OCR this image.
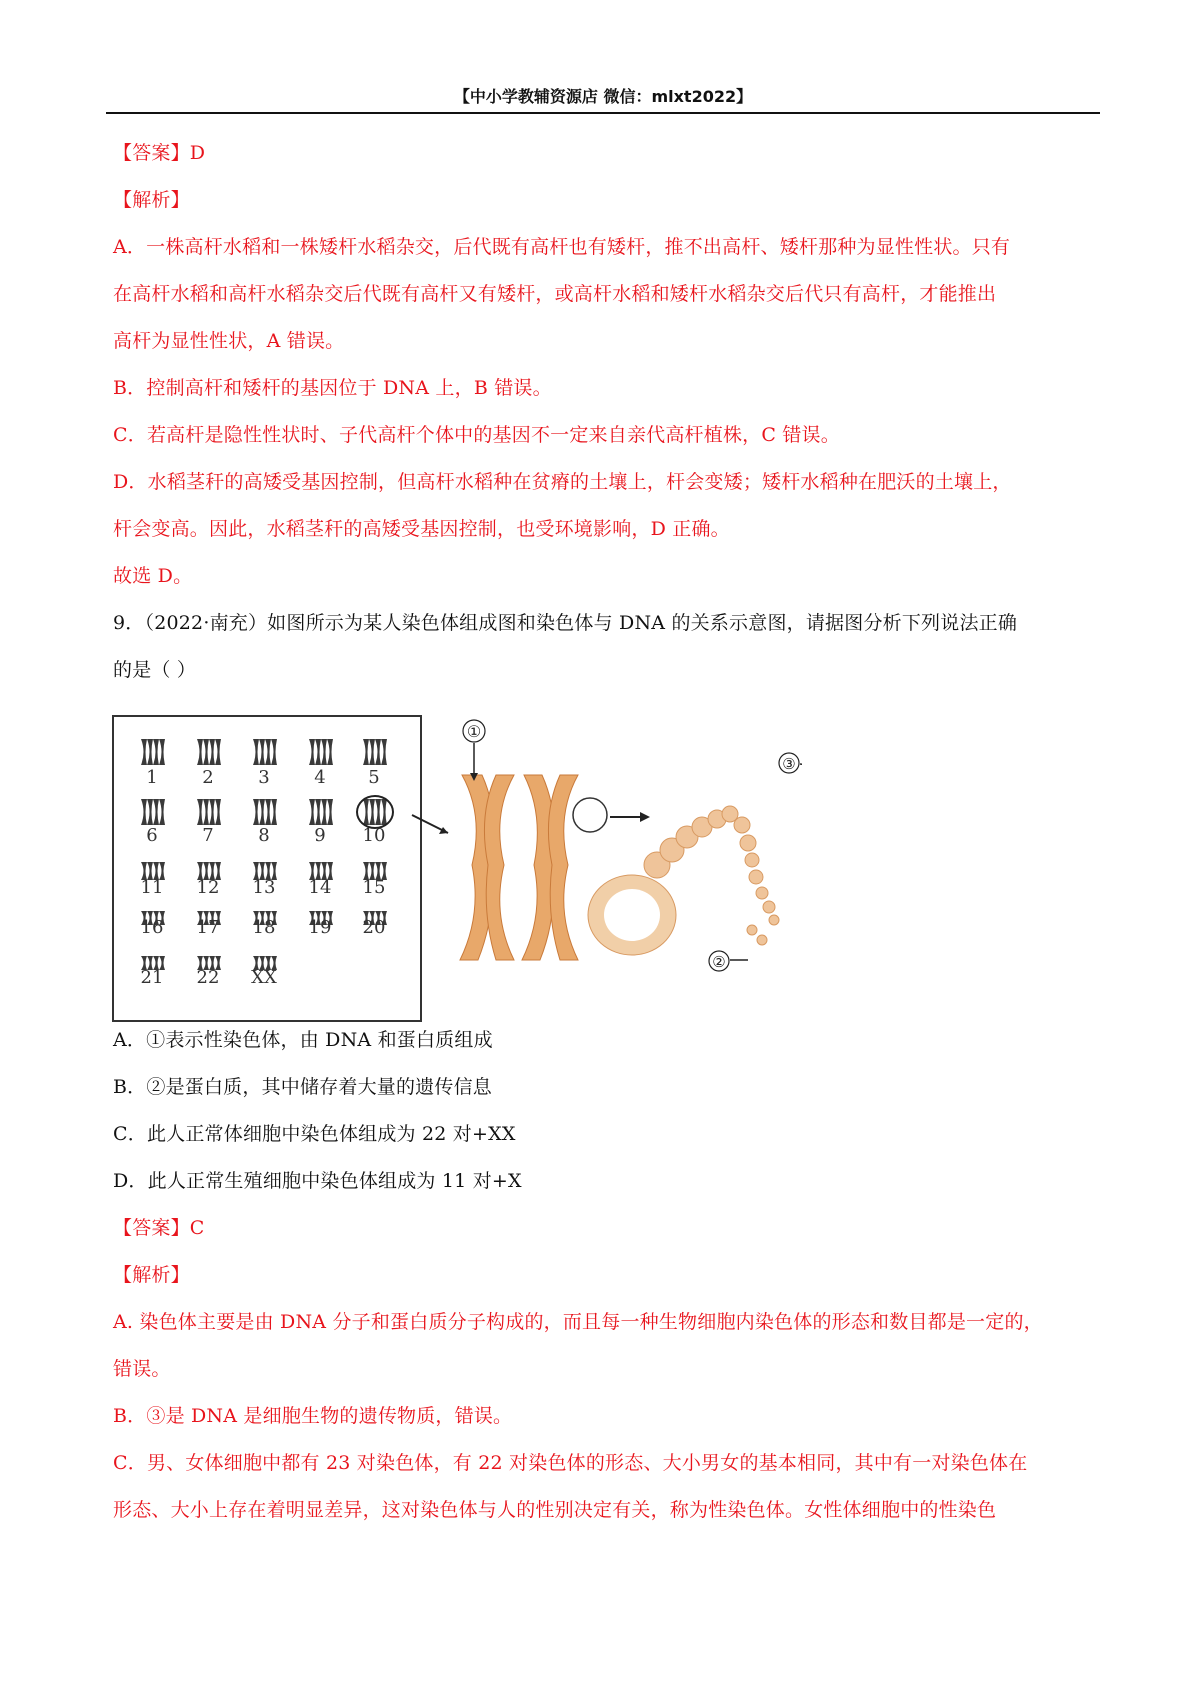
【中小学教辅资源店 微信：mlxt2022】
【答案】D
【解析】
A．一株高杆水稻和一株矮杆水稻杂交，后代既有高杆也有矮杆，推不出高杆、矮杆那种为显性性状。只有
在高杆水稻和高杆水稻杂交后代既有高杆又有矮杆，或高杆水稻和矮杆水稻杂交后代只有高杆，才能推出
高杆为显性性状，A 错误。
B．控制高杆和矮杆的基因位于 DNA 上，B 错误。
C．若高杆是隐性性状时、子代高杆个体中的基因不一定来自亲代高杆植株，C 错误。
D．水稻茎秆的高矮受基因控制，但高杆水稻种在贫瘠的土壤上，杆会变矮；矮杆水稻种在肥沃的土壤上，
杆会变高。因此，水稻茎秆的高矮受基因控制，也受环境影响，D 正确。
故选 D。
9．（2022·南充）如图所示为某人染色体组成图和染色体与 DNA 的关系示意图，请据图分析下列说法正确
的是（ ）
A．①表示性染色体，由 DNA 和蛋白质组成
B．②是蛋白质，其中储存着大量的遗传信息
C．此人正常体细胞中染色体组成为 22 对+XX
D．此人正常生殖细胞中染色体组成为 11 对+X
【答案】C
【解析】
A. 染色体主要是由 DNA 分子和蛋白质分子构成的，而且每一种生物细胞内染色体的形态和数目都是一定的，
错误。
B．③是 DNA 是细胞生物的遗传物质，错误。
C．男、女体细胞中都有 23 对染色体，有 22 对染色体的形态、大小男女的基本相同，其中有一对染色体在
形态、大小上存在着明显差异，这对染色体与人的性别决定有关，称为性染色体。女性体细胞中的性染色
1	2	3	4	5
6	7	8	9	10
11	12	13	14	15
16	17	18	19	20
21	22	XX
①
②
③
